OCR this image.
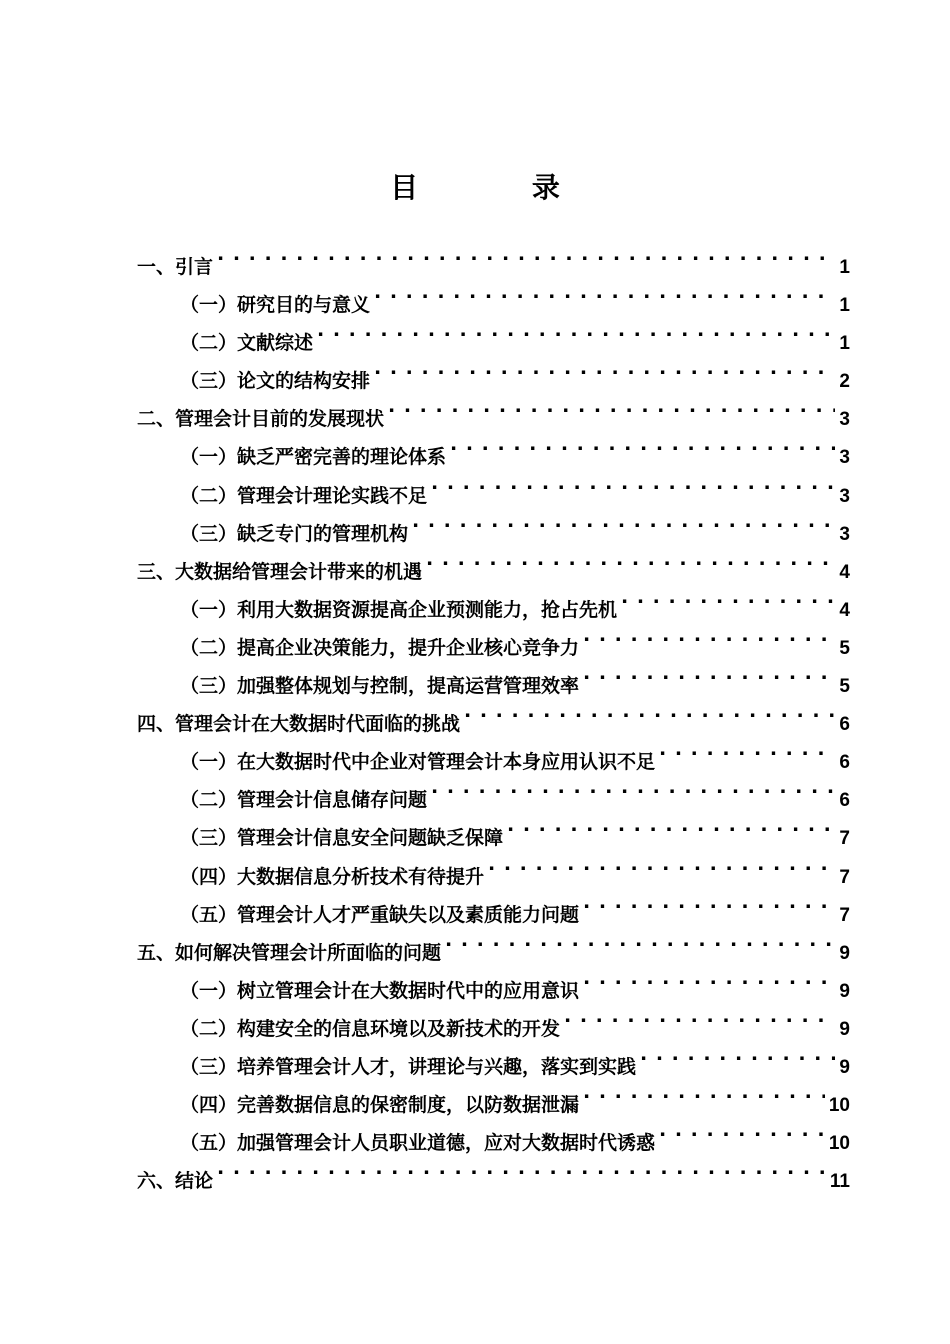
目 录
一、引言 . . .	1
（一）研究目的与意义 . . .	1
（二）文献综述 . . .	1
（三）论文的结构安排 . . .	2
二、管理会计目前的发展现状 . . .	3
（一）缺乏严密完善的理论体系 . . .	3
（二）管理会计理论实践不足 . . .	3
（三）缺乏专门的管理机构 . . .	3
三、大数据给管理会计带来的机遇 . . .	4
（一）利用大数据资源提高企业预测能力，抢占先机 . . .	4
（二）提高企业决策能力，提升企业核心竞争力 . . .	5
（三）加强整体规划与控制，提高运营管理效率 . . .	5
四、管理会计在大数据时代面临的挑战 . . .	6
（一）在大数据时代中企业对管理会计本身应用认识不足 . . .	6
（二）管理会计信息储存问题 . . .	6
（三）管理会计信息安全问题缺乏保障 . . .	7
（四）大数据信息分析技术有待提升 . . .	7
（五）管理会计人才严重缺失以及素质能力问题 . . .	7
五、如何解决管理会计所面临的问题 . . .	9
（一）树立管理会计在大数据时代中的应用意识 . . .	9
（二）构建安全的信息环境以及新技术的开发 . . .	9
（三）培养管理会计人才，讲理论与兴趣，落实到实践 . . .	9
（四）完善数据信息的保密制度，以防数据泄漏 . . .	10
（五）加强管理会计人员职业道德，应对大数据时代诱惑 . . .	10
六、结论 . . .	11
